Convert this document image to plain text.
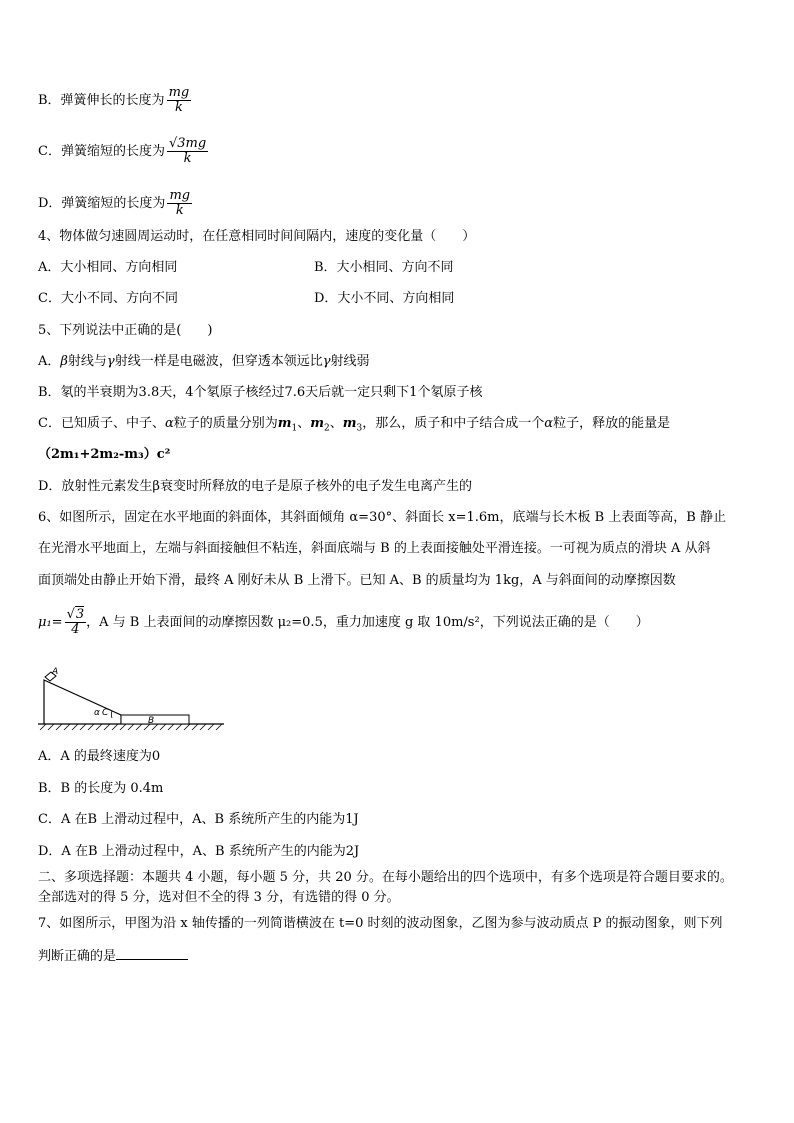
B．弹簧伸长的长度为 $\frac{mg}{k}$
C．弹簧缩短的长度为 $\frac{√3mg}{k}$
D．弹簧缩短的长度为 $\frac{mg}{k}$
4、物体做匀速圆周运动时，在任意相同时间间隔内，速度的变化量（　　）
A．大小相同、方向相同	B．大小相同、方向不同
C．大小不同、方向不同	D．大小不同、方向相同
5、下列说法中正确的是(　　)
A．β射线与γ射线一样是电磁波，但穿透本领远比γ射线弱
B．氡的半衰期为3.8天，4个氡原子核经过7.6天后就一定只剩下1个氡原子核
C．已知质子、中子、α粒子的质量分别为$m_1$、$m_2$、$m_3$，那么，质子和中子结合成一个α粒子，释放的能量是
（2m₁+2m₂-m₃）c²
D．放射性元素发生β衰变时所释放的电子是原子核外的电子发生电离产生的
6、如图所示，固定在水平地面的斜面体，其斜面倾角 α=30°、斜面长 x=1.6m，底端与长木板 B 上表面等高，B 静止
在光滑水平地面上，左端与斜面接触但不粘连，斜面底端与 B 的上表面接触处平滑连接。一可视为质点的滑块 A 从斜
面顶端处由静止开始下滑，最终 A 刚好未从 B 上滑下。已知 A、B 的质量均为 1kg，A 与斜面间的动摩擦因数
$\mu_1= \frac{√3}{4}$ ，A 与 B 上表面间的动摩擦因数 μ₂=0.5，重力加速度 g 取 10m/s²，下列说法正确的是（　　）
A
B
α C
A．A 的最终速度为0
B．B 的长度为 0.4m
C．A 在B 上滑动过程中，A、B 系统所产生的内能为1J
D．A 在B 上滑动过程中，A、B 系统所产生的内能为2J
二、多项选择题：本题共 4 小题，每小题 5 分，共 20 分。在每小题给出的四个选项中，有多个选项是符合题目要求的。
全部选对的得 5 分，选对但不全的得 3 分，有选错的得 0 分。
7、如图所示，甲图为沿 x 轴传播的一列简谐横波在 t=0 时刻的波动图象，乙图为参与波动质点 P 的振动图象，则下列
判断正确的是
